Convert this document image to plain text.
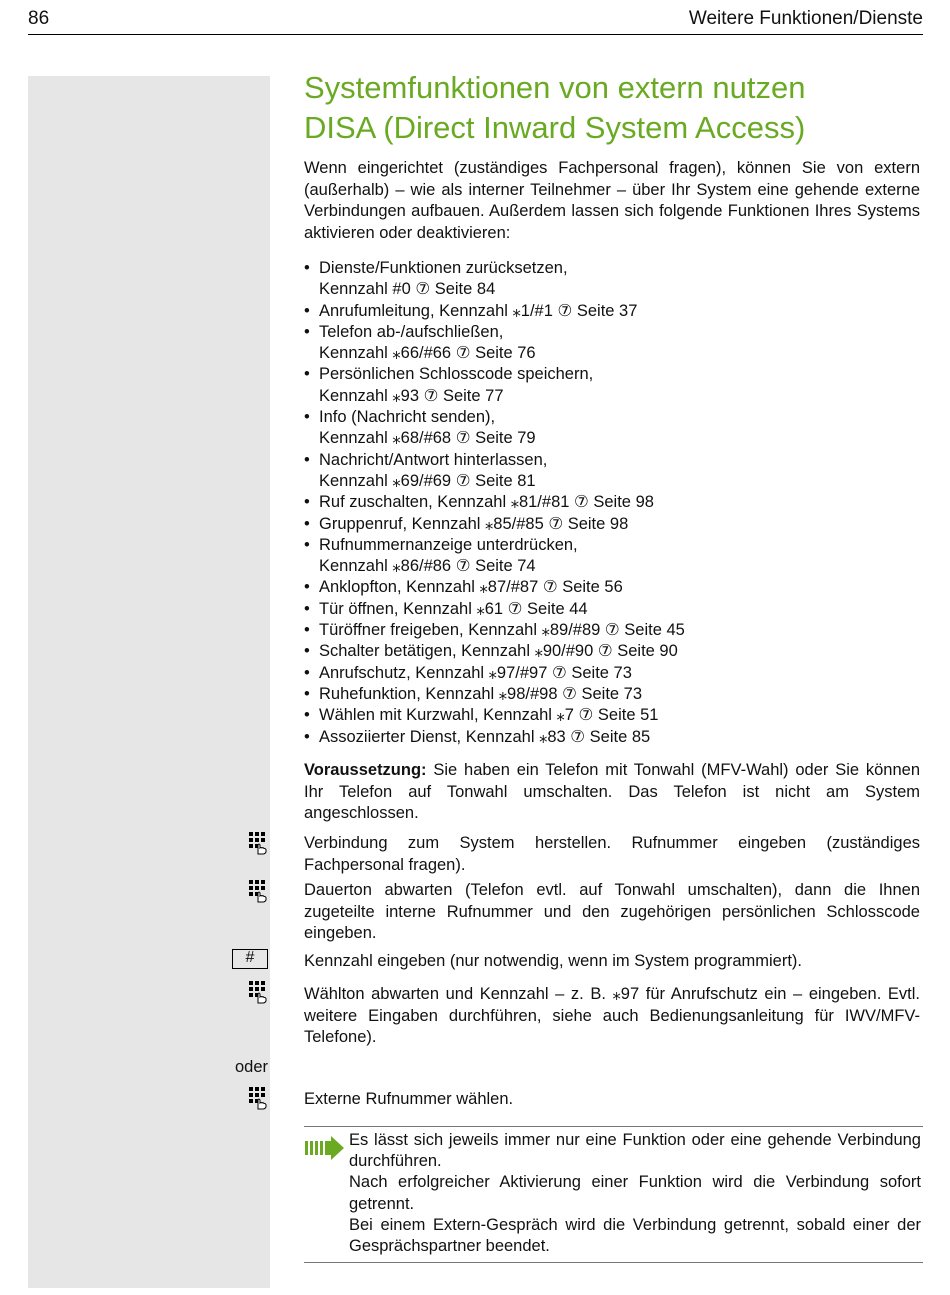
86	Weitere Funktionen/Dienste
Systemfunktionen von extern nutzen
DISA (Direct Inward System Access)

Wenn eingerichtet (zuständiges Fachpersonal fragen), können Sie von extern (außerhalb) – wie als interner Teilnehmer – über Ihr System eine gehende externe Verbindungen aufbauen. Außerdem lassen sich folgende Funktionen Ihres Systems aktivieren oder deaktivieren:

• Dienste/Funktionen zurücksetzen,
Kennzahl #0 ⑦ Seite 84
• Anrufumleitung, Kennzahl ⁎1/#1 ⑦ Seite 37
• Telefon ab-/aufschließen,
Kennzahl ⁎66/#66 ⑦ Seite 76
• Persönlichen Schlosscode speichern,
Kennzahl ⁎93 ⑦ Seite 77
• Info (Nachricht senden),
Kennzahl ⁎68/#68 ⑦ Seite 79
• Nachricht/Antwort hinterlassen,
Kennzahl ⁎69/#69 ⑦ Seite 81
• Ruf zuschalten, Kennzahl ⁎81/#81 ⑦ Seite 98
• Gruppenruf, Kennzahl ⁎85/#85 ⑦ Seite 98
• Rufnummernanzeige unterdrücken,
Kennzahl ⁎86/#86 ⑦ Seite 74
• Anklopfton, Kennzahl ⁎87/#87 ⑦ Seite 56
• Tür öffnen, Kennzahl ⁎61 ⑦ Seite 44
• Türöffner freigeben, Kennzahl ⁎89/#89 ⑦ Seite 45
• Schalter betätigen, Kennzahl ⁎90/#90 ⑦ Seite 90
• Anrufschutz, Kennzahl ⁎97/#97 ⑦ Seite 73
• Ruhefunktion, Kennzahl ⁎98/#98 ⑦ Seite 73
• Wählen mit Kurzwahl, Kennzahl ⁎7 ⑦ Seite 51
• Assoziierter Dienst, Kennzahl ⁎83 ⑦ Seite 85

Voraussetzung: Sie haben ein Telefon mit Tonwahl (MFV-Wahl) oder Sie können Ihr Telefon auf Tonwahl umschalten. Das Telefon ist nicht am System angeschlossen.

Verbindung zum System herstellen. Rufnummer eingeben (zuständiges Fachpersonal fragen).
Dauerton abwarten (Telefon evtl. auf Tonwahl umschalten), dann die Ihnen zugeteilte interne Rufnummer und den zugehörigen persönlichen Schlosscode eingeben.
#	Kennzahl eingeben (nur notwendig, wenn im System programmiert).
Wählton abwarten und Kennzahl – z. B. ⁎97 für Anrufschutz ein – eingeben. Evtl. weitere Eingaben durchführen, siehe auch Bedienungsanleitung für IWV/MFV-Telefone).
oder
Externe Rufnummer wählen.
Es lässt sich jeweils immer nur eine Funktion oder eine gehende Verbindung durchführen.
Nach erfolgreicher Aktivierung einer Funktion wird die Verbindung sofort getrennt.
Bei einem Extern-Gespräch wird die Verbindung getrennt, sobald einer der Gesprächspartner beendet.
